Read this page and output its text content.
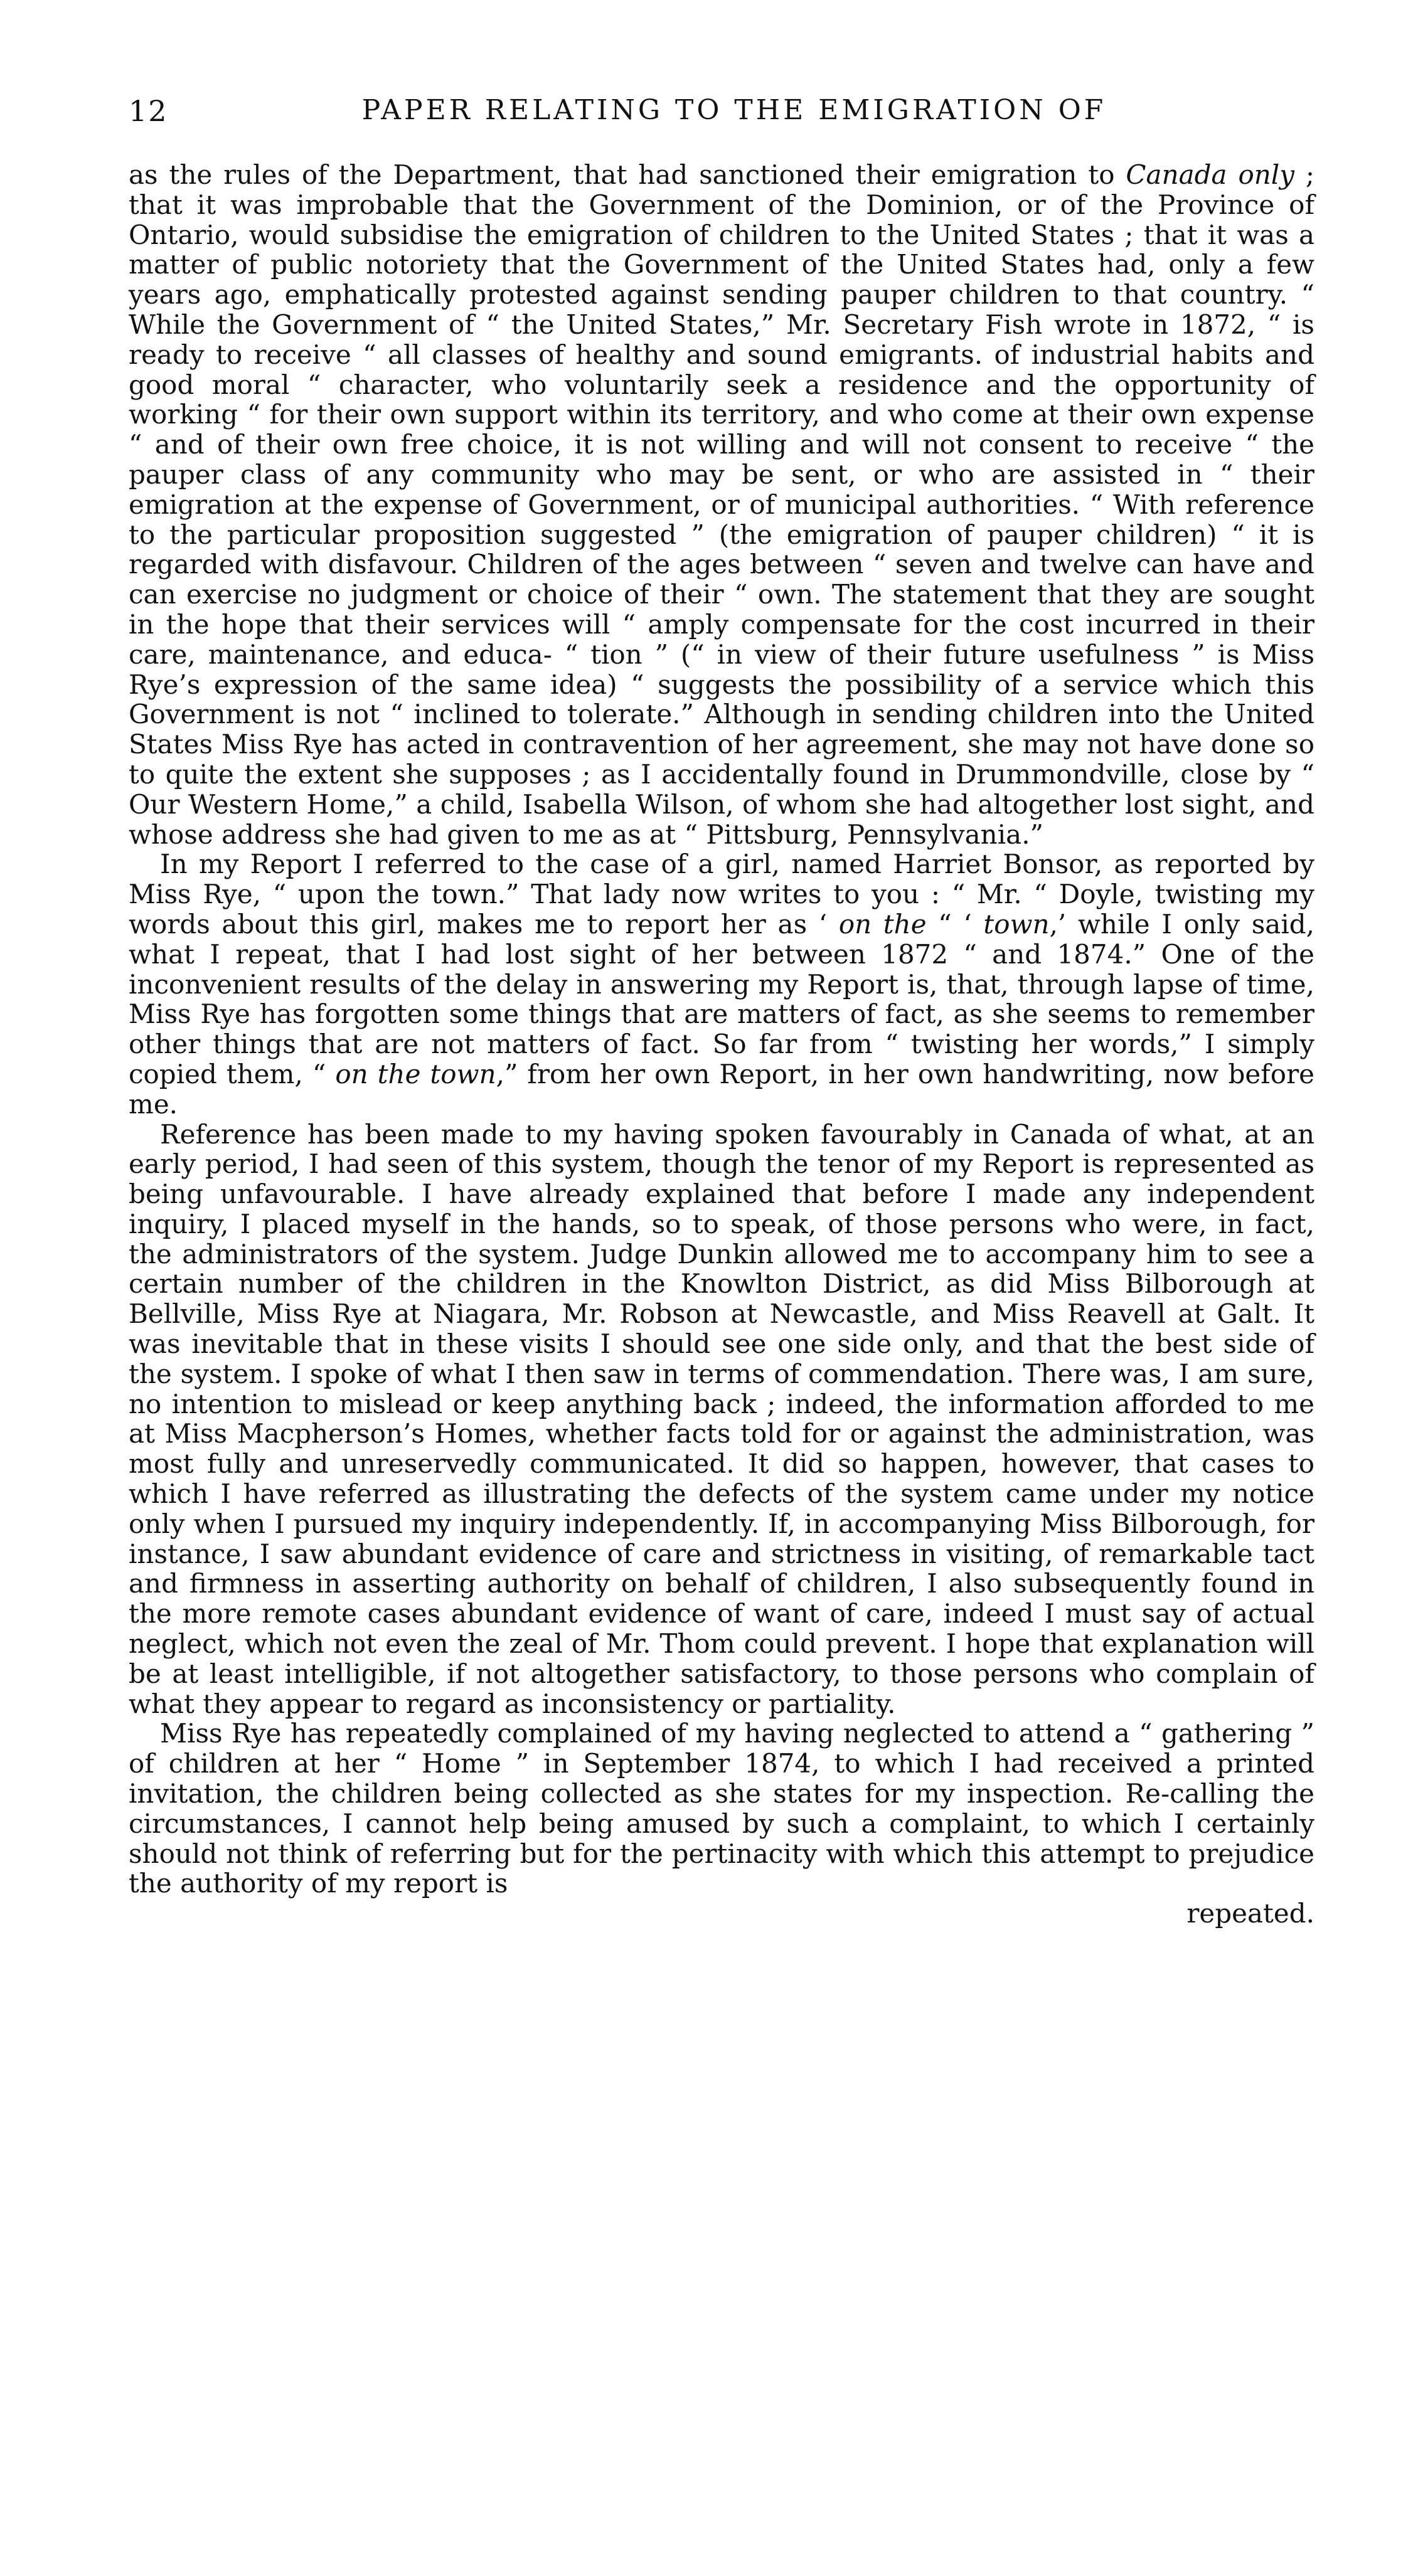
12	PAPER RELATING TO THE EMIGRATION OF

as the rules of the Department, that had sanctioned their emigration to Canada only ; that it was improbable that the Government of the Dominion, or of the Province of Ontario, would subsidise the emigration of children to the United States ; that it was a matter of public notoriety that the Government of the United States had, only a few years ago, emphatically protested against sending pauper children to that country. “ While the Government of “ the United States,” Mr. Secretary Fish wrote in 1872, “ is ready to receive “ all classes of healthy and sound emigrants. of industrial habits and good moral “ character, who voluntarily seek a residence and the opportunity of working “ for their own support within its territory, and who come at their own expense “ and of their own free choice, it is not willing and will not consent to receive “ the pauper class of any community who may be sent, or who are assisted in “ their emigration at the expense of Government, or of municipal authorities. “ With reference to the particular proposition suggested ” (the emigration of pauper children) “ it is regarded with disfavour. Children of the ages between “ seven and twelve can have and can exercise no judgment or choice of their “ own. The statement that they are sought in the hope that their services will “ amply compensate for the cost incurred in their care, maintenance, and educa- “ tion ” (“ in view of their future usefulness ” is Miss Rye’s expression of the same idea) “ suggests the possibility of a service which this Government is not “ inclined to tolerate.” Although in sending children into the United States Miss Rye has acted in contravention of her agreement, she may not have done so to quite the extent she supposes ; as I accidentally found in Drummondville, close by “ Our Western Home,” a child, Isabella Wilson, of whom she had altogether lost sight, and whose address she had given to me as at “ Pittsburg, Pennsylvania.”

In my Report I referred to the case of a girl, named Harriet Bonsor, as reported by Miss Rye, “ upon the town.” That lady now writes to you : “ Mr. “ Doyle, twisting my words about this girl, makes me to report her as ‘ on the “ ‘ town,’ while I only said, what I repeat, that I had lost sight of her between 1872 “ and 1874.” One of the inconvenient results of the delay in answering my Report is, that, through lapse of time, Miss Rye has forgotten some things that are matters of fact, as she seems to remember other things that are not matters of fact. So far from “ twisting her words,” I simply copied them, “ on the town,” from her own Report, in her own handwriting, now before me.

Reference has been made to my having spoken favourably in Canada of what, at an early period, I had seen of this system, though the tenor of my Report is represented as being unfavourable. I have already explained that before I made any independent inquiry, I placed myself in the hands, so to speak, of those persons who were, in fact, the administrators of the system. Judge Dunkin allowed me to accompany him to see a certain number of the children in the Knowlton District, as did Miss Bilborough at Bellville, Miss Rye at Niagara, Mr. Robson at Newcastle, and Miss Reavell at Galt. It was inevitable that in these visits I should see one side only, and that the best side of the system. I spoke of what I then saw in terms of commendation. There was, I am sure, no intention to mislead or keep anything back ; indeed, the information afforded to me at Miss Macpherson’s Homes, whether facts told for or against the administration, was most fully and unreservedly communicated. It did so happen, however, that cases to which I have referred as illustrating the defects of the system came under my notice only when I pursued my inquiry independently. If, in accompanying Miss Bilborough, for instance, I saw abundant evidence of care and strictness in visiting, of remarkable tact and firmness in asserting authority on behalf of children, I also subsequently found in the more remote cases abundant evidence of want of care, indeed I must say of actual neglect, which not even the zeal of Mr. Thom could prevent. I hope that explanation will be at least intelligible, if not altogether satisfactory, to those persons who complain of what they appear to regard as inconsistency or partiality.

Miss Rye has repeatedly complained of my having neglected to attend a “ gathering ” of children at her “ Home ” in September 1874, to which I had received a printed invitation, the children being collected as she states for my inspection. Re-calling the circumstances, I cannot help being amused by such a complaint, to which I certainly should not think of referring but for the pertinacity with which this attempt to prejudice the authority of my report is

repeated.
